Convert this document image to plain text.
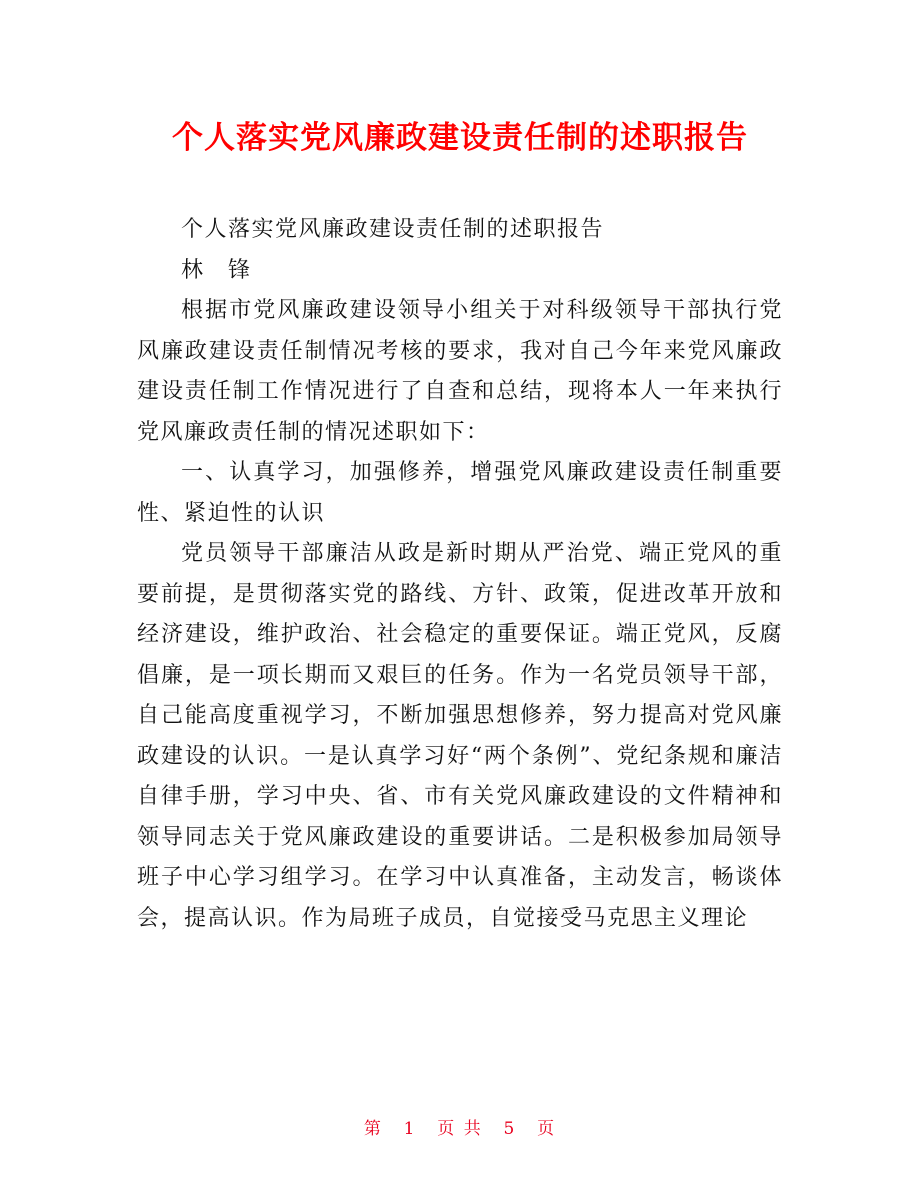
个人落实党风廉政建设责任制的述职报告

个人落实党风廉政建设责任制的述职报告

林　锋

根据市党风廉政建设领导小组关于对科级领导干部执行党风廉政建设责任制情况考核的要求，我对自己今年来党风廉政建设责任制工作情况进行了自查和总结，现将本人一年来执行党风廉政责任制的情况述职如下：

一、认真学习，加强修养，增强党风廉政建设责任制重要性、紧迫性的认识

党员领导干部廉洁从政是新时期从严治党、端正党风的重要前提，是贯彻落实党的路线、方针、政策，促进改革开放和经济建设，维护政治、社会稳定的重要保证。端正党风，反腐倡廉，是一项长期而又艰巨的任务。作为一名党员领导干部，自己能高度重视学习，不断加强思想修养，努力提高对党风廉政建设的认识。一是认真学习好“两个条例”、党纪条规和廉洁自律手册，学习中央、省、市有关党风廉政建设的文件精神和领导同志关于党风廉政建设的重要讲话。二是积极参加局领导班子中心学习组学习。在学习中认真准备，主动发言，畅谈体会，提高认识。作为局班子成员，自觉接受马克思主义理论

第 1 页 共 5 页
